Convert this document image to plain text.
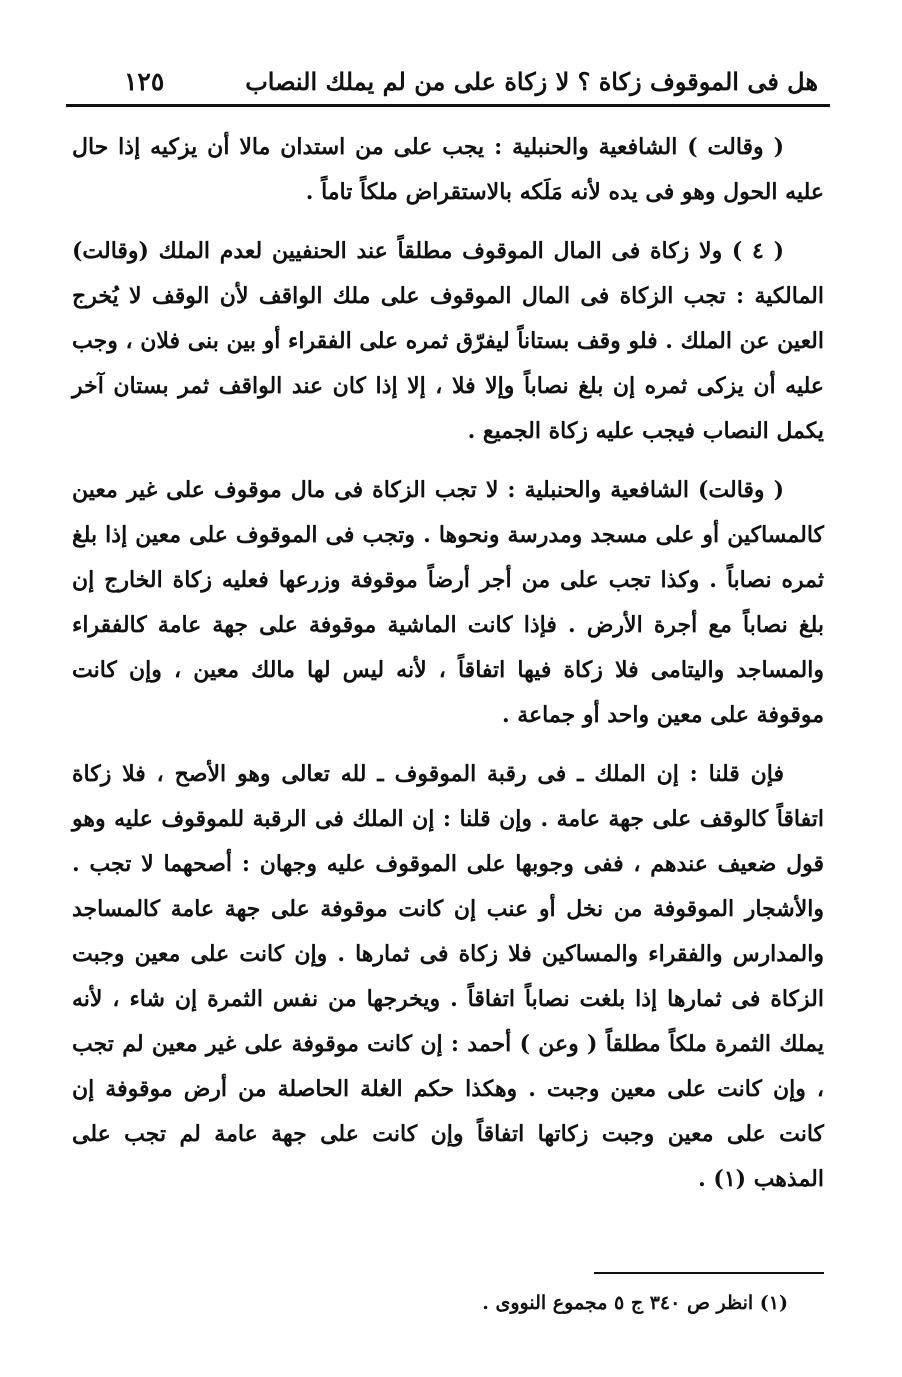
هل فى الموقوف زكاة ؟ لا زكاة على من لم يملك النصاب
١٢٥

( وقالت ) الشافعية والحنبلية : يجب على من استدان مالا أن يزكيه إذا حال عليه الحول وهو فى يده لأنه مَلَكه بالاستقراض ملكاً تاماً .

( ٤ ) ولا زكاة فى المال الموقوف مطلقاً عند الحنفيين لعدم الملك (وقالت) المالكية : تجب الزكاة فى المال الموقوف على ملك الواقف لأن الوقف لا يُخرج العين عن الملك . فلو وقف بستاناً ليفرّق ثمره على الفقراء أو بين بنى فلان ، وجب عليه أن يزكى ثمره إن بلغ نصاباً وإلا فلا ، إلا إذا كان عند الواقف ثمر بستان آخر يكمل النصاب فيجب عليه زكاة الجميع .

( وقالت) الشافعية والحنبلية : لا تجب الزكاة فى مال موقوف على غير معين كالمساكين أو على مسجد ومدرسة ونحوها . وتجب فى الموقوف على معين إذا بلغ ثمره نصاباً . وكذا تجب على من أجر أرضاً موقوفة وزرعها فعليه زكاة الخارج إن بلغ نصاباً مع أجرة الأرض . فإذا كانت الماشية موقوفة على جهة عامة كالفقراء والمساجد واليتامى فلا زكاة فيها اتفاقاً ، لأنه ليس لها مالك معين ، وإن كانت موقوفة على معين واحد أو جماعة .

فإن قلنا : إن الملك ـ فى رقبة الموقوف ـ لله تعالى وهو الأصح ، فلا زكاة اتفاقاً كالوقف على جهة عامة . وإن قلنا : إن الملك فى الرقبة للموقوف عليه وهو قول ضعيف عندهم ، ففى وجوبها على الموقوف عليه وجهان : أصحهما لا تجب . والأشجار الموقوفة من نخل أو عنب إن كانت موقوفة على جهة عامة كالمساجد والمدارس والفقراء والمساكين فلا زكاة فى ثمارها . وإن كانت على معين وجبت الزكاة فى ثمارها إذا بلغت نصاباً اتفاقاً . ويخرجها من نفس الثمرة إن شاء ، لأنه يملك الثمرة ملكاً مطلقاً ( وعن ) أحمد : إن كانت موقوفة على غير معين لم تجب ، وإن كانت على معين وجبت . وهكذا حكم الغلة الحاصلة من أرض موقوفة إن كانت على معين وجبت زكاتها اتفاقاً وإن كانت على جهة عامة لم تجب على المذهب (١) .

(١) انظر ص ٣٤٠ ج ٥ مجموع النووى .
